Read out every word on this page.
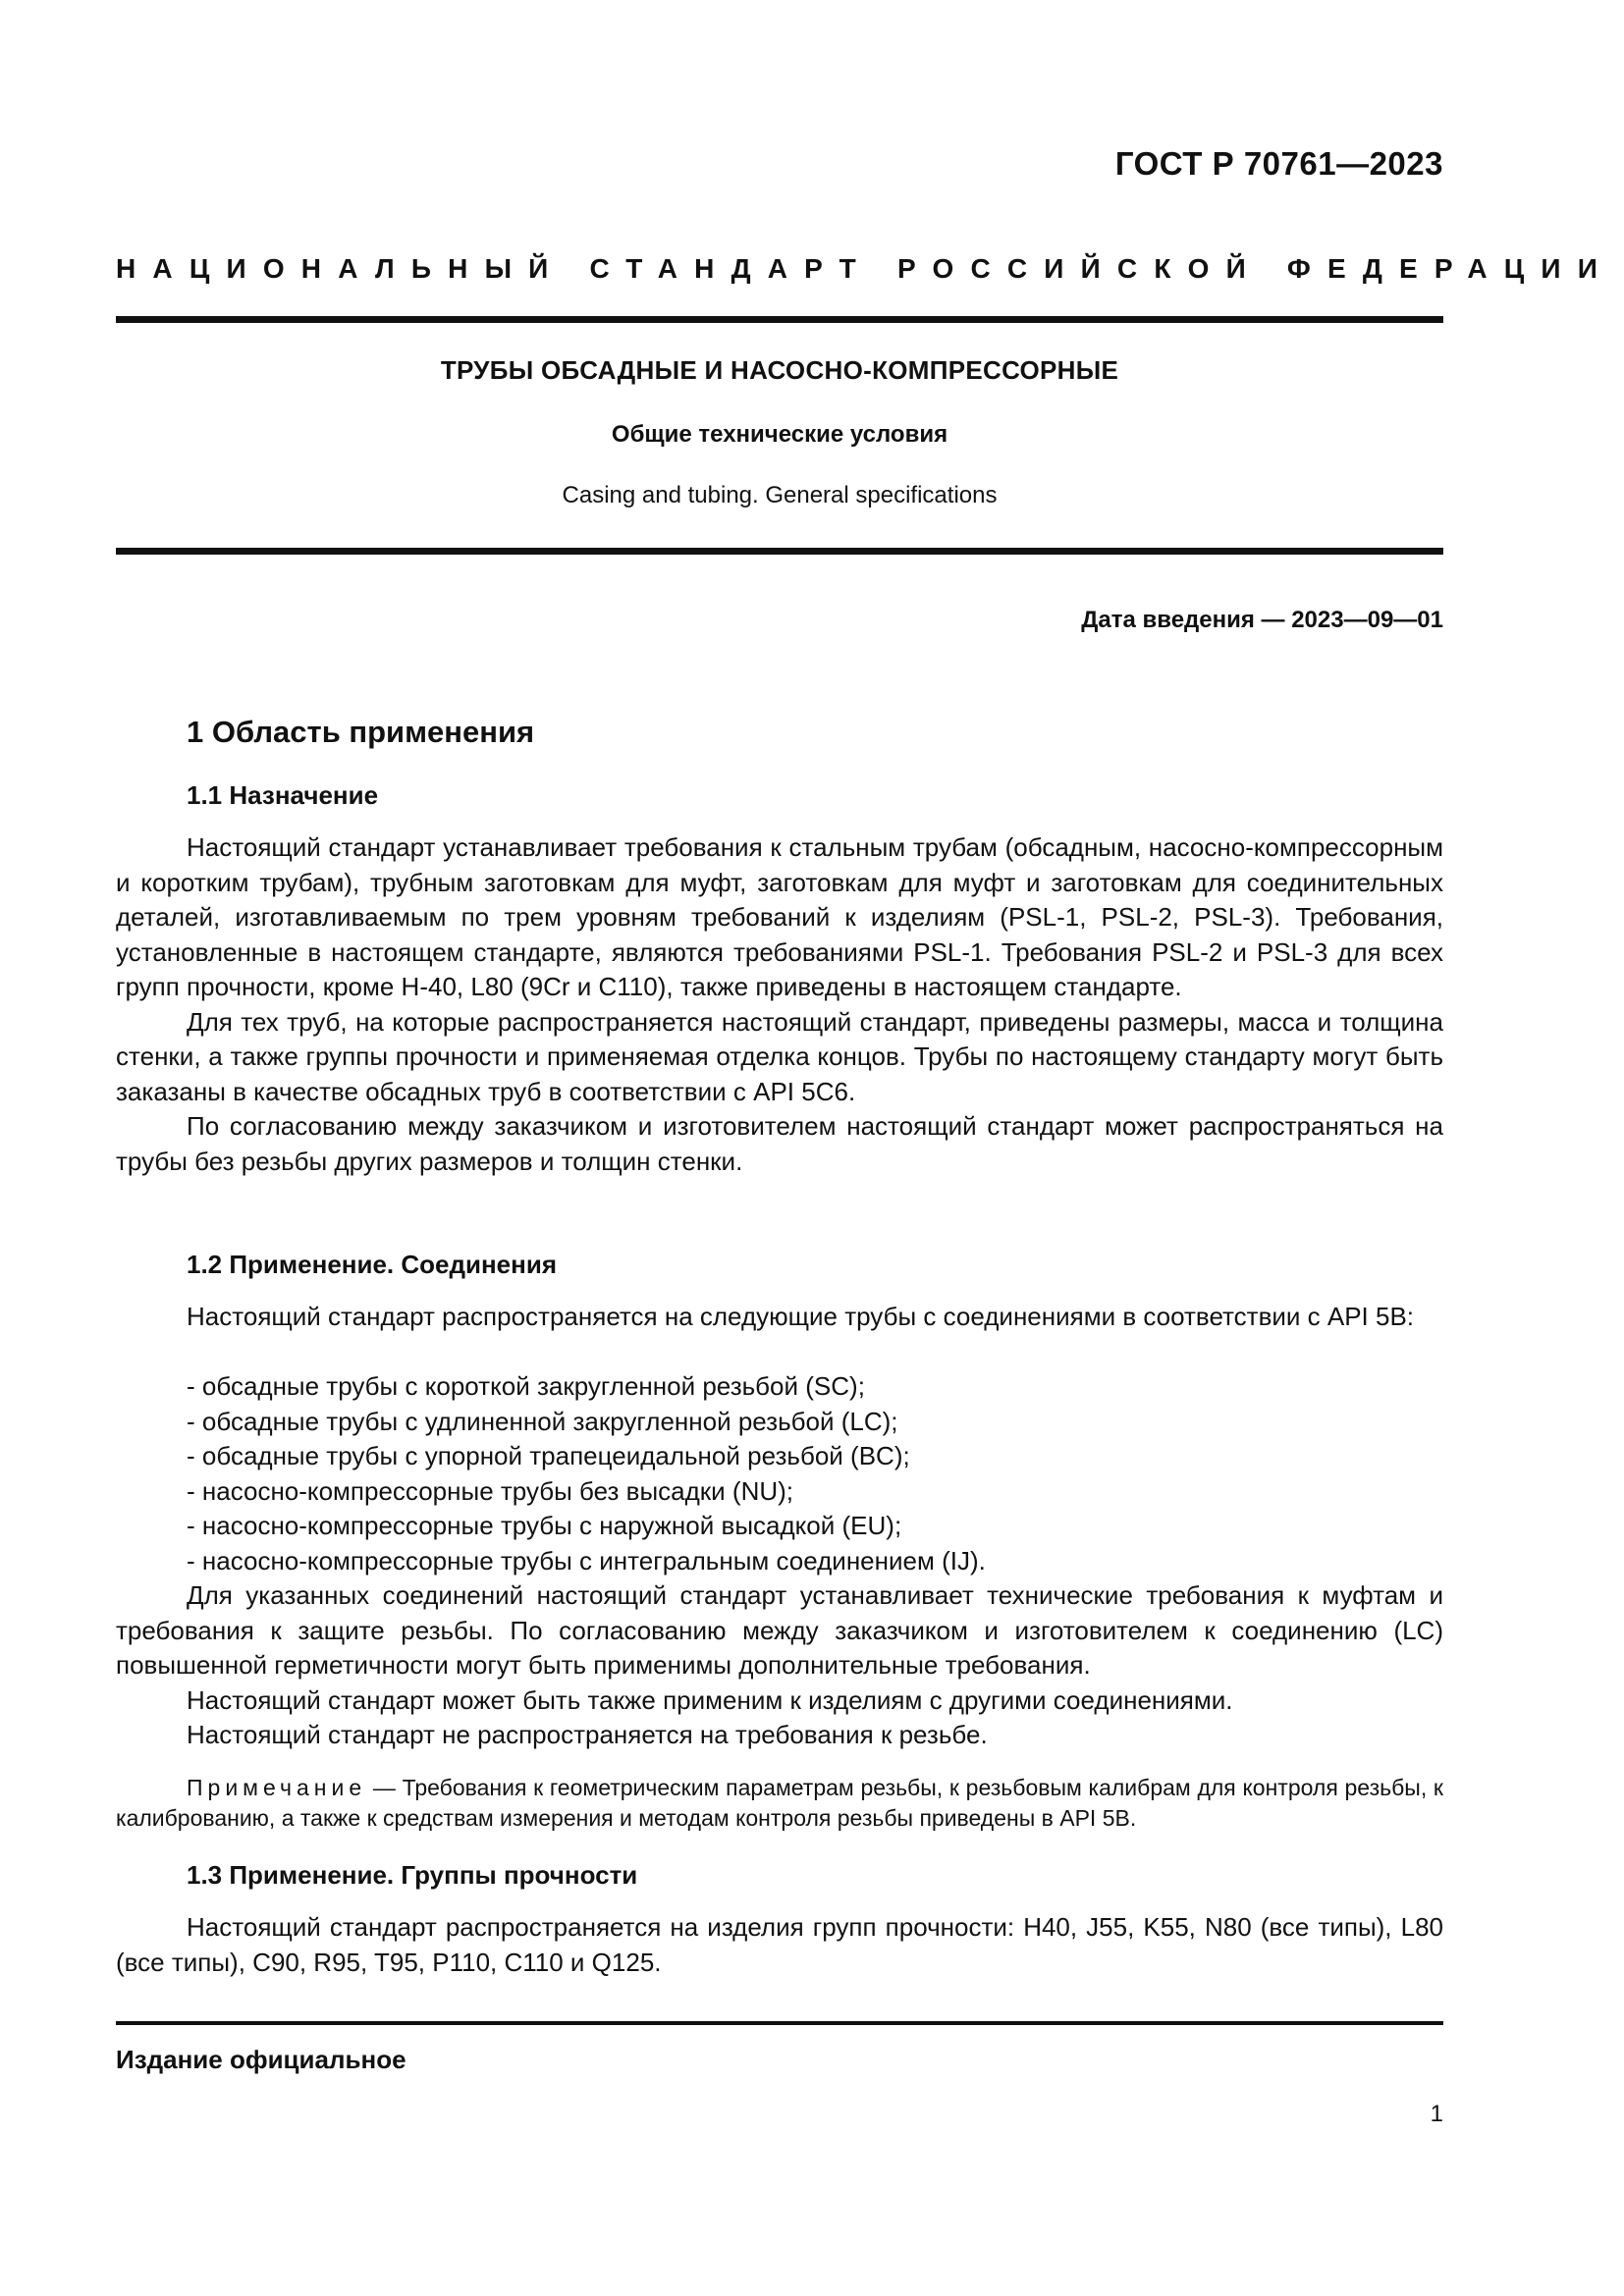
ГОСТ Р 70761—2023
НАЦИОНАЛЬНЫЙ СТАНДАРТ РОССИЙСКОЙ ФЕДЕРАЦИИ
ТРУБЫ ОБСАДНЫЕ И НАСОСНО-КОМПРЕССОРНЫЕ
Общие технические условия
Casing and tubing. General specifications
Дата введения — 2023—09—01
1 Область применения
1.1 Назначение

Настоящий стандарт устанавливает требования к стальным трубам (обсадным, насосно-компрессорным и коротким трубам), трубным заготовкам для муфт, заготовкам для муфт и заготовкам для соединительных деталей, изготавливаемым по трем уровням требований к изделиям (PSL-1, PSL-2, PSL-3). Требования, установленные в настоящем стандарте, являются требованиями PSL-1. Требования PSL-2 и PSL-3 для всех групп прочности, кроме H-40, L80 (9Cr и C110), также приведены в настоящем стандарте.

Для тех труб, на которые распространяется настоящий стандарт, приведены размеры, масса и толщина стенки, а также группы прочности и применяемая отделка концов. Трубы по настоящему стандарту могут быть заказаны в качестве обсадных труб в соответствии с API 5C6.

По согласованию между заказчиком и изготовителем настоящий стандарт может распространяться на трубы без резьбы других размеров и толщин стенки.

1.2 Применение. Соединения

Настоящий стандарт распространяется на следующие трубы с соединениями в соответствии с API 5B:

- обсадные трубы с короткой закругленной резьбой (SC);
- обсадные трубы с удлиненной закругленной резьбой (LC);
- обсадные трубы с упорной трапецеидальной резьбой (BC);
- насосно-компрессорные трубы без высадки (NU);
- насосно-компрессорные трубы с наружной высадкой (EU);
- насосно-компрессорные трубы с интегральным соединением (IJ).

Для указанных соединений настоящий стандарт устанавливает технические требования к муфтам и требования к защите резьбы. По согласованию между заказчиком и изготовителем к соединению (LC) повышенной герметичности могут быть применимы дополнительные требования.

Настоящий стандарт может быть также применим к изделиям с другими соединениями.

Настоящий стандарт не распространяется на требования к резьбе.

Примечание — Требования к геометрическим параметрам резьбы, к резьбовым калибрам для контроля резьбы, к калиброванию, а также к средствам измерения и методам контроля резьбы приведены в API 5B.

1.3 Применение. Группы прочности

Настоящий стандарт распространяется на изделия групп прочности: H40, J55, K55, N80 (все типы), L80 (все типы), C90, R95, T95, P110, C110 и Q125.

Издание официальное
1
